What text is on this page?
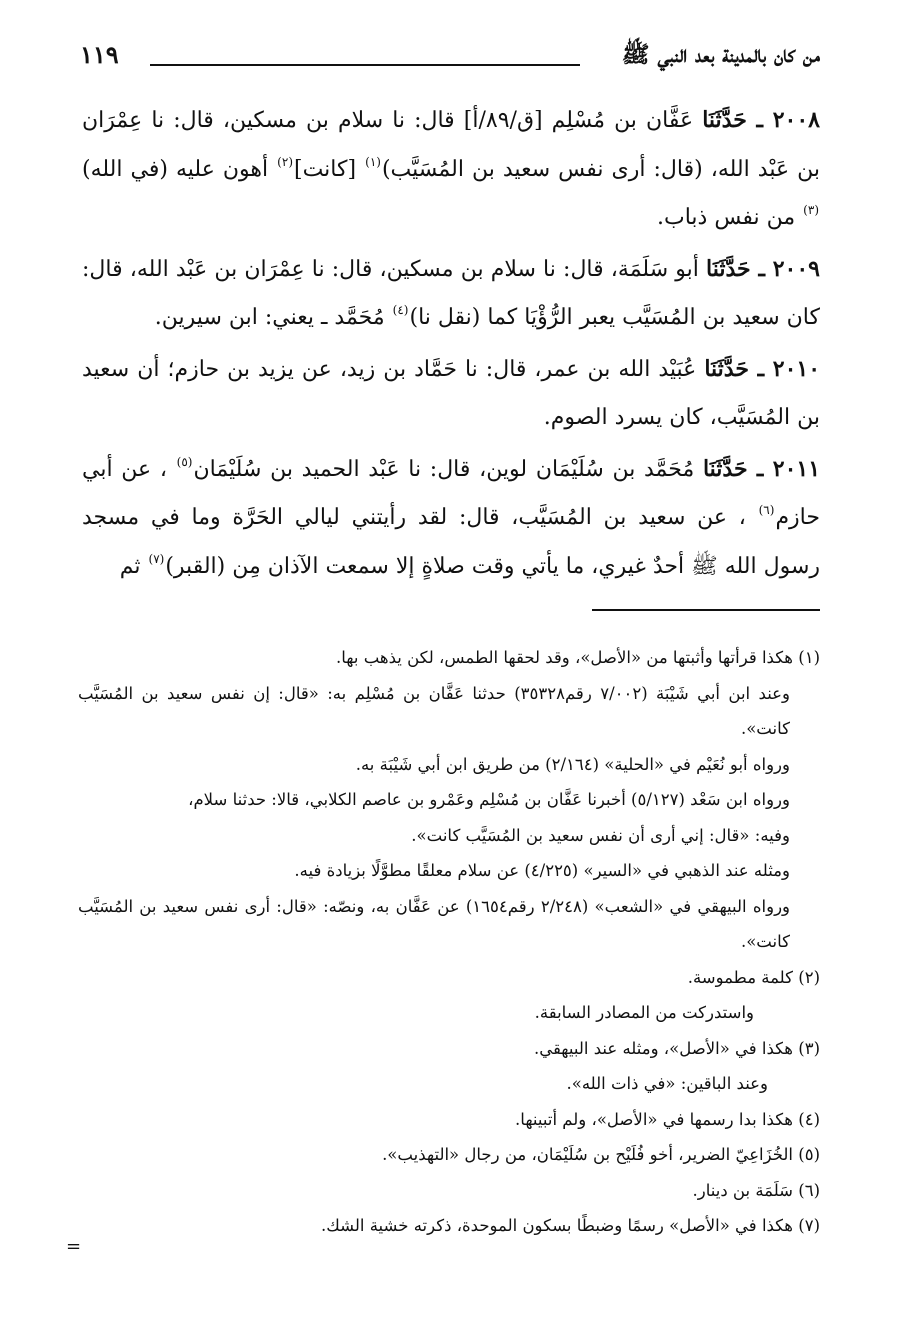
من كان بالمدينة بعد النبي ﷺ
١١٩

٢٠٠٨ ـ حَدَّثَنَا عَفَّان بن مُسْلِم [ق/٨٩/أ] قال: نا سلام بن مسكين، قال: نا عِمْرَان بن عَبْد الله، (قال: أرى نفس سعيد بن المُسَيَّب)$^{(١)}$ [كانت]$^{(٢)}$ أهون عليه (في الله)$^{(٣)}$ من نفس ذباب.

٢٠٠٩ ـ حَدَّثَنَا أبو سَلَمَة، قال: نا سلام بن مسكين، قال: نا عِمْرَان بن عَبْد الله، قال: كان سعيد بن المُسَيَّب يعبر الرُّؤْيَا كما (نقل نا)$^{(٤)}$ مُحَمَّد ـ يعني: ابن سيرين.

٢٠١٠ ـ حَدَّثَنَا عُبَيْد الله بن عمر، قال: نا حَمَّاد بن زيد، عن يزيد بن حازم؛ أن سعيد بن المُسَيَّب، كان يسرد الصوم.

٢٠١١ ـ حَدَّثَنَا مُحَمَّد بن سُلَيْمَان لوين، قال: نا عَبْد الحميد بن سُلَيْمَان$^{(٥)}$ ، عن أبي حازم$^{(٦)}$ ، عن سعيد بن المُسَيَّب، قال: لقد رأيتني ليالي الحَرَّة وما في مسجد رسول الله ﷺ أحدٌ غيري، ما يأتي وقت صلاةٍ إلا سمعت الآذان مِن (القبر)$^{(٧)}$ ثم

(١) هكذا قرأتها وأثبتها من «الأصل»، وقد لحقها الطمس، لكن يذهب بها.

وعند ابن أبي شَيْبَة (٧/٠٠٢ رقم٣٥٣٢٨) حدثنا عَفَّان بن مُسْلِم به: «قال: إن نفس سعيد بن المُسَيَّب كانت».

ورواه أبو نُعَيْم في «الحلية» (٢/١٦٤) من طريق ابن أبي شَيْبَة به.

ورواه ابن سَعْد (٥/١٢٧) أخبرنا عَفَّان بن مُسْلِم وعَمْرو بن عاصم الكلابي، قالا: حدثنا سلام،

وفيه: «قال: إني أرى أن نفس سعيد بن المُسَيَّب كانت».

ومثله عند الذهبي في «السير» (٤/٢٢٥) عن سلام معلقًا مطوَّلًا بزيادة فيه.

ورواه البيهقي في «الشعب» (٢/٢٤٨ رقم١٦٥٤) عن عَفَّان به، ونصّه: «قال: أرى نفس سعيد بن المُسَيَّب كانت».

(٢) كلمة مطموسة.

واستدركت من المصادر السابقة.

(٣) هكذا في «الأصل»، ومثله عند البيهقي.

وعند الباقين: «في ذات الله».

(٤) هكذا بدا رسمها في «الأصل»، ولم أتبينها.

(٥) الخُزَاعِيّ الضرير، أخو فُلَيْح بن سُلَيْمَان، من رجال «التهذيب».

(٦) سَلَمَة بن دينار.

(٧) هكذا في «الأصل» رسمًا وضبطًا بسكون الموحدة، ذكرته خشية الشك.

=
